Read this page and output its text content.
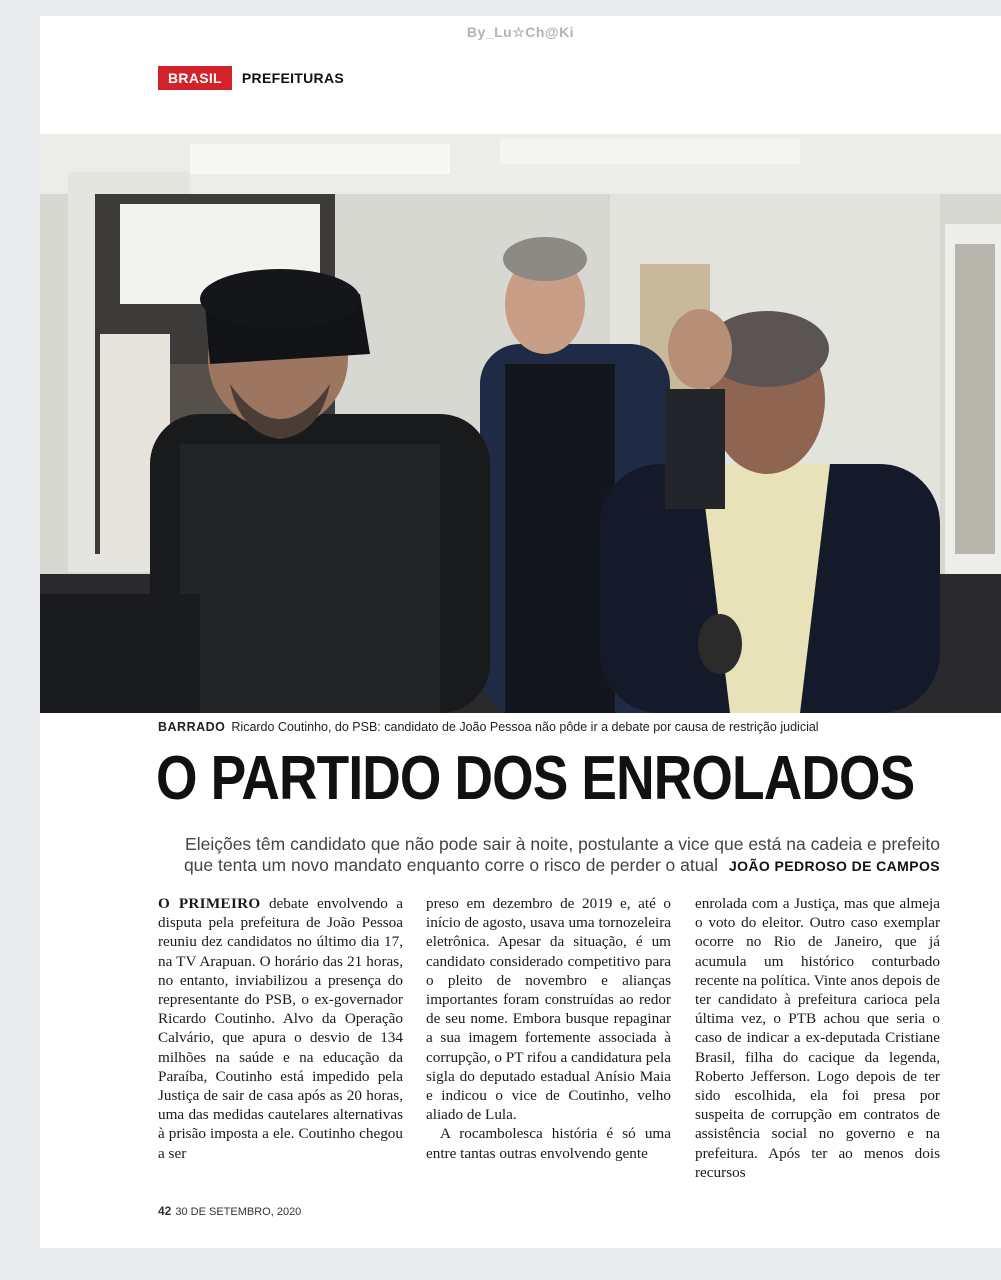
By_Lu☆Ch@Ki
BRASIL	PREFEITURAS
BARRADO Ricardo Coutinho, do PSB: candidato de João Pessoa não pôde ir a debate por causa de restrição judicial
O PARTIDO DOS ENROLADOS
Eleições têm candidato que não pode sair à noite, postulante a vice que está na cadeia e prefeito que tenta um novo mandato enquanto corre o risco de perder o atual JOÃO PEDROSO DE CAMPOS

O PRIMEIRO debate envolvendo a disputa pela prefeitura de João Pessoa reuniu dez candidatos no último dia 17, na TV Arapuan. O horário das 21 horas, no entanto, inviabilizou a presença do representante do PSB, o ex-governador Ricardo Coutinho. Alvo da Operação Calvário, que apura o desvio de 134 milhões na saúde e na educação da Paraíba, Coutinho está impedido pela Justiça de sair de casa após as 20 horas, uma das medidas cautelares alternativas à prisão imposta a ele. Coutinho chegou a ser

preso em dezembro de 2019 e, até o início de agosto, usava uma tornozeleira eletrônica. Apesar da situação, é um candidato considerado competitivo para o pleito de novembro e alianças importantes foram construídas ao redor de seu nome. Embora busque repaginar a sua imagem fortemente associada à corrupção, o PT rifou a candidatura pela sigla do deputado estadual Anísio Maia e indicou o vice de Coutinho, velho aliado de Lula.

A rocambolesca história é só uma entre tantas outras envolvendo gente

enrolada com a Justiça, mas que almeja o voto do eleitor. Outro caso exemplar ocorre no Rio de Janeiro, que já acumula um histórico conturbado recente na política. Vinte anos depois de ter candidato à prefeitura carioca pela última vez, o PTB achou que seria o caso de indicar a ex-deputada Cristiane Brasil, filha do cacique da legenda, Roberto Jefferson. Logo depois de ter sido escolhida, ela foi presa por suspeita de corrupção em contratos de assistência social no governo e na prefeitura. Após ter ao menos dois recursos

42 30 DE SETEMBRO, 2020
